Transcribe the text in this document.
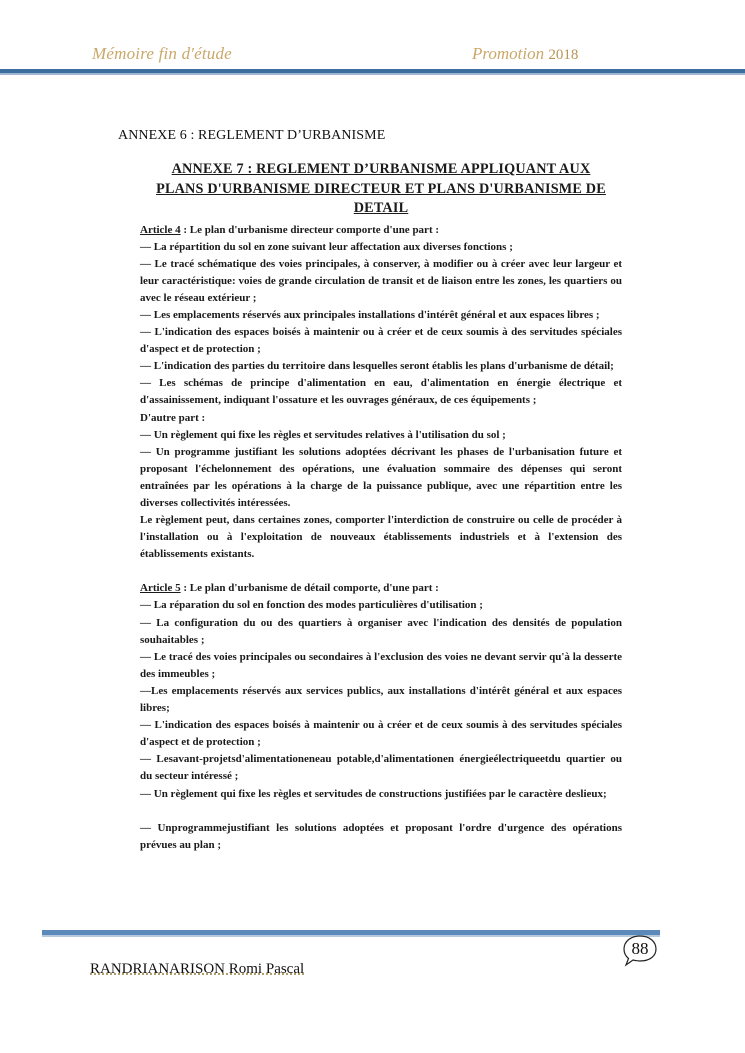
Mémoire fin d'étude	Promotion 2018
ANNEXE 6 : REGLEMENT D’URBANISME
ANNEXE 7 : REGLEMENT D’URBANISME APPLIQUANT AUX
PLANS D'URBANISME DIRECTEUR ET PLANS D'URBANISME DE
DETAIL

Article 4 : Le plan d'urbanisme directeur comporte d'une part :

— La répartition du sol en zone suivant leur affectation aux diverses fonctions ;

— Le tracé schématique des voies principales, à conserver, à modifier ou à créer avec leur largeur et leur caractéristique: voies de grande circulation de transit et de liaison entre les zones, les quartiers ou avec le réseau extérieur ;

— Les emplacements réservés aux principales installations d'intérêt général et aux espaces libres ;

— L'indication des espaces boisés à maintenir ou à créer et de ceux soumis à des servitudes spéciales d'aspect et de protection ;

— L'indication des parties du territoire dans lesquelles seront établis les plans d'urbanisme de détail;

— Les schémas de principe d'alimentation en eau, d'alimentation en énergie électrique et d'assainissement, indiquant l'ossature et les ouvrages généraux, de ces équipements ;

D'autre part :

— Un règlement qui fixe les règles et servitudes relatives à l'utilisation du sol ;

— Un programme justifiant les solutions adoptées décrivant les phases de l'urbanisation future et proposant l'échelonnement des opérations, une évaluation sommaire des dépenses qui seront entraînées par les opérations à la charge de la puissance publique, avec une répartition entre les diverses collectivités intéressées.

Le règlement peut, dans certaines zones, comporter l'interdiction de construire ou celle de procéder à l'installation ou à l'exploitation de nouveaux établissements industriels et à l'extension des établissements existants.

Article 5 : Le plan d'urbanisme de détail comporte, d'une part :

— La réparation du sol en fonction des modes particulières d'utilisation ;

— La configuration du ou des quartiers à organiser avec l'indication des densités de population souhaitables ;

— Le tracé des voies principales ou secondaires à l'exclusion des voies ne devant servir qu'à la desserte des immeubles ;

—Les emplacements réservés aux services publics, aux installations d'intérêt général et aux espaces libres;

— L'indication des espaces boisés à maintenir ou à créer et de ceux soumis à des servitudes spéciales d'aspect et de protection ;

— Lesavant-projetsd'alimentationeneau potable,d'alimentationen énergieélectriqueetdu quartier ou du secteur intéressé ;

— Un règlement qui fixe les règles et servitudes de constructions justifiées par le caractère deslieux;

— Unprogrammejustifiant les solutions adoptées et proposant l'ordre d'urgence des opérations prévues au plan ;

88
RANDRIANARISON Romi Pascal
